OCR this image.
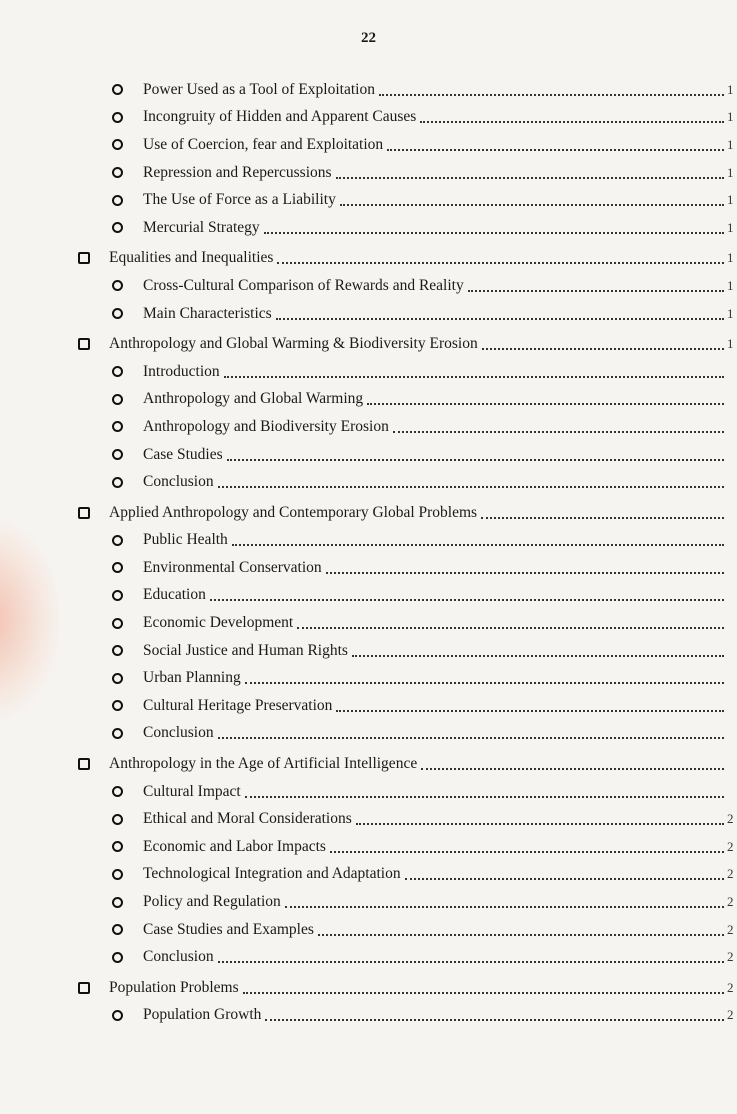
22
Power Used as a Tool of Exploitation	1
Incongruity of Hidden and Apparent Causes	1
Use of Coercion, fear and Exploitation	1
Repression and Repercussions	1
The Use of Force as a Liability	1
Mercurial Strategy	1
Equalities and Inequalities	1
Cross-Cultural Comparison of Rewards and Reality	1
Main Characteristics	1
Anthropology and Global Warming & Biodiversity Erosion	1
Introduction
Anthropology and Global Warming
Anthropology and Biodiversity Erosion
Case Studies
Conclusion
Applied Anthropology and Contemporary Global Problems
Public Health
Environmental Conservation
Education
Economic Development
Social Justice and Human Rights
Urban Planning
Cultural Heritage Preservation
Conclusion
Anthropology in the Age of Artificial Intelligence
Cultural Impact
Ethical and Moral Considerations	2
Economic and Labor Impacts	2
Technological Integration and Adaptation	2
Policy and Regulation	2
Case Studies and Examples	2
Conclusion	2
Population Problems	2
Population Growth	2
